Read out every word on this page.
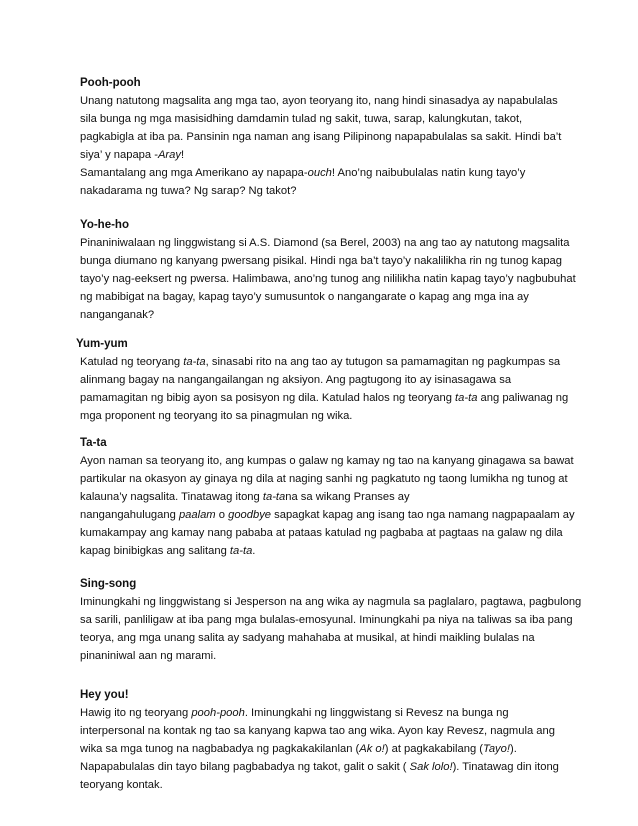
Pooh-pooh

Unang natutong magsalita ang mga tao, ayon teoryang ito, nang hindi sinasadya ay napabulalas
sila bunga ng mga masisidhing damdamin tulad ng sakit, tuwa, sarap, kalungkutan, takot,
pagkabigla at iba pa. Pansinin nga naman ang isang Pilipinong napapabulalas sa sakit. Hindi ba’t
siya’ y napapa -Aray!

Samantalang ang mga Amerikano ay napapa-ouch! Ano’ng naibubulalas natin kung tayo’y
nakadarama ng tuwa? Ng sarap? Ng takot?

Yo-he-ho

Pinaniniwalaan ng linggwistang si A.S. Diamond (sa Berel, 2003) na ang tao ay natutong magsalita
bunga diumano ng kanyang pwersang pisikal. Hindi nga ba’t tayo’y nakalilikha rin ng tunog kapag
tayo’y nag-eeksert ng pwersa. Halimbawa, ano’ng tunog ang nililikha natin kapag tayo’y nagbubuhat
ng mabibigat na bagay, kapag tayo’y sumusuntok o nangangarate o kapag ang mga ina ay
nanganganak?

Yum-yum

Katulad ng teoryang ta-ta, sinasabi rito na ang tao ay tutugon sa pamamagitan ng pagkumpas sa
alinmang bagay na nangangailangan ng aksiyon. Ang pagtugong ito ay isinasagawa sa
pamamagitan ng bibig ayon sa posisyon ng dila. Katulad halos ng teoryang ta-ta ang paliwanag ng
mga proponent ng teoryang ito sa pinagmulan ng wika.

Ta-ta

Ayon naman sa teoryang ito, ang kumpas o galaw ng kamay ng tao na kanyang ginagawa sa bawat
partikular na okasyon ay ginaya ng dila at naging sanhi ng pagkatuto ng taong lumikha ng tunog at
kalauna’y nagsalita. Tinatawag itong ta-tana sa wikang Pranses ay
nangangahulugang paalam o goodbye sapagkat kapag ang isang tao nga namang nagpapaalam ay
kumakampay ang kamay nang pababa at pataas katulad ng pagbaba at pagtaas na galaw ng dila
kapag binibigkas ang salitang ta-ta.

Sing-song

Iminungkahi ng linggwistang si Jesperson na ang wika ay nagmula sa paglalaro, pagtawa, pagbulong
sa sarili, panliligaw at iba pang mga bulalas-emosyunal. Iminungkahi pa niya na taliwas sa iba pang
teorya, ang mga unang salita ay sadyang mahahaba at musikal, at hindi maikling bulalas na
pinaniniwal aan ng marami.

Hey you!

Hawig ito ng teoryang pooh-pooh. Iminungkahi ng linggwistang si Revesz na bunga ng
interpersonal na kontak ng tao sa kanyang kapwa tao ang wika. Ayon kay Revesz, nagmula ang
wika sa mga tunog na nagbabadya ng pagkakakilanlan (Ak o!) at pagkakabilang (Tayo!).
Napapabulalas din tayo bilang pagbabadya ng takot, galit o sakit ( Sak lolo!). Tinatawag din itong
teoryang kontak.
